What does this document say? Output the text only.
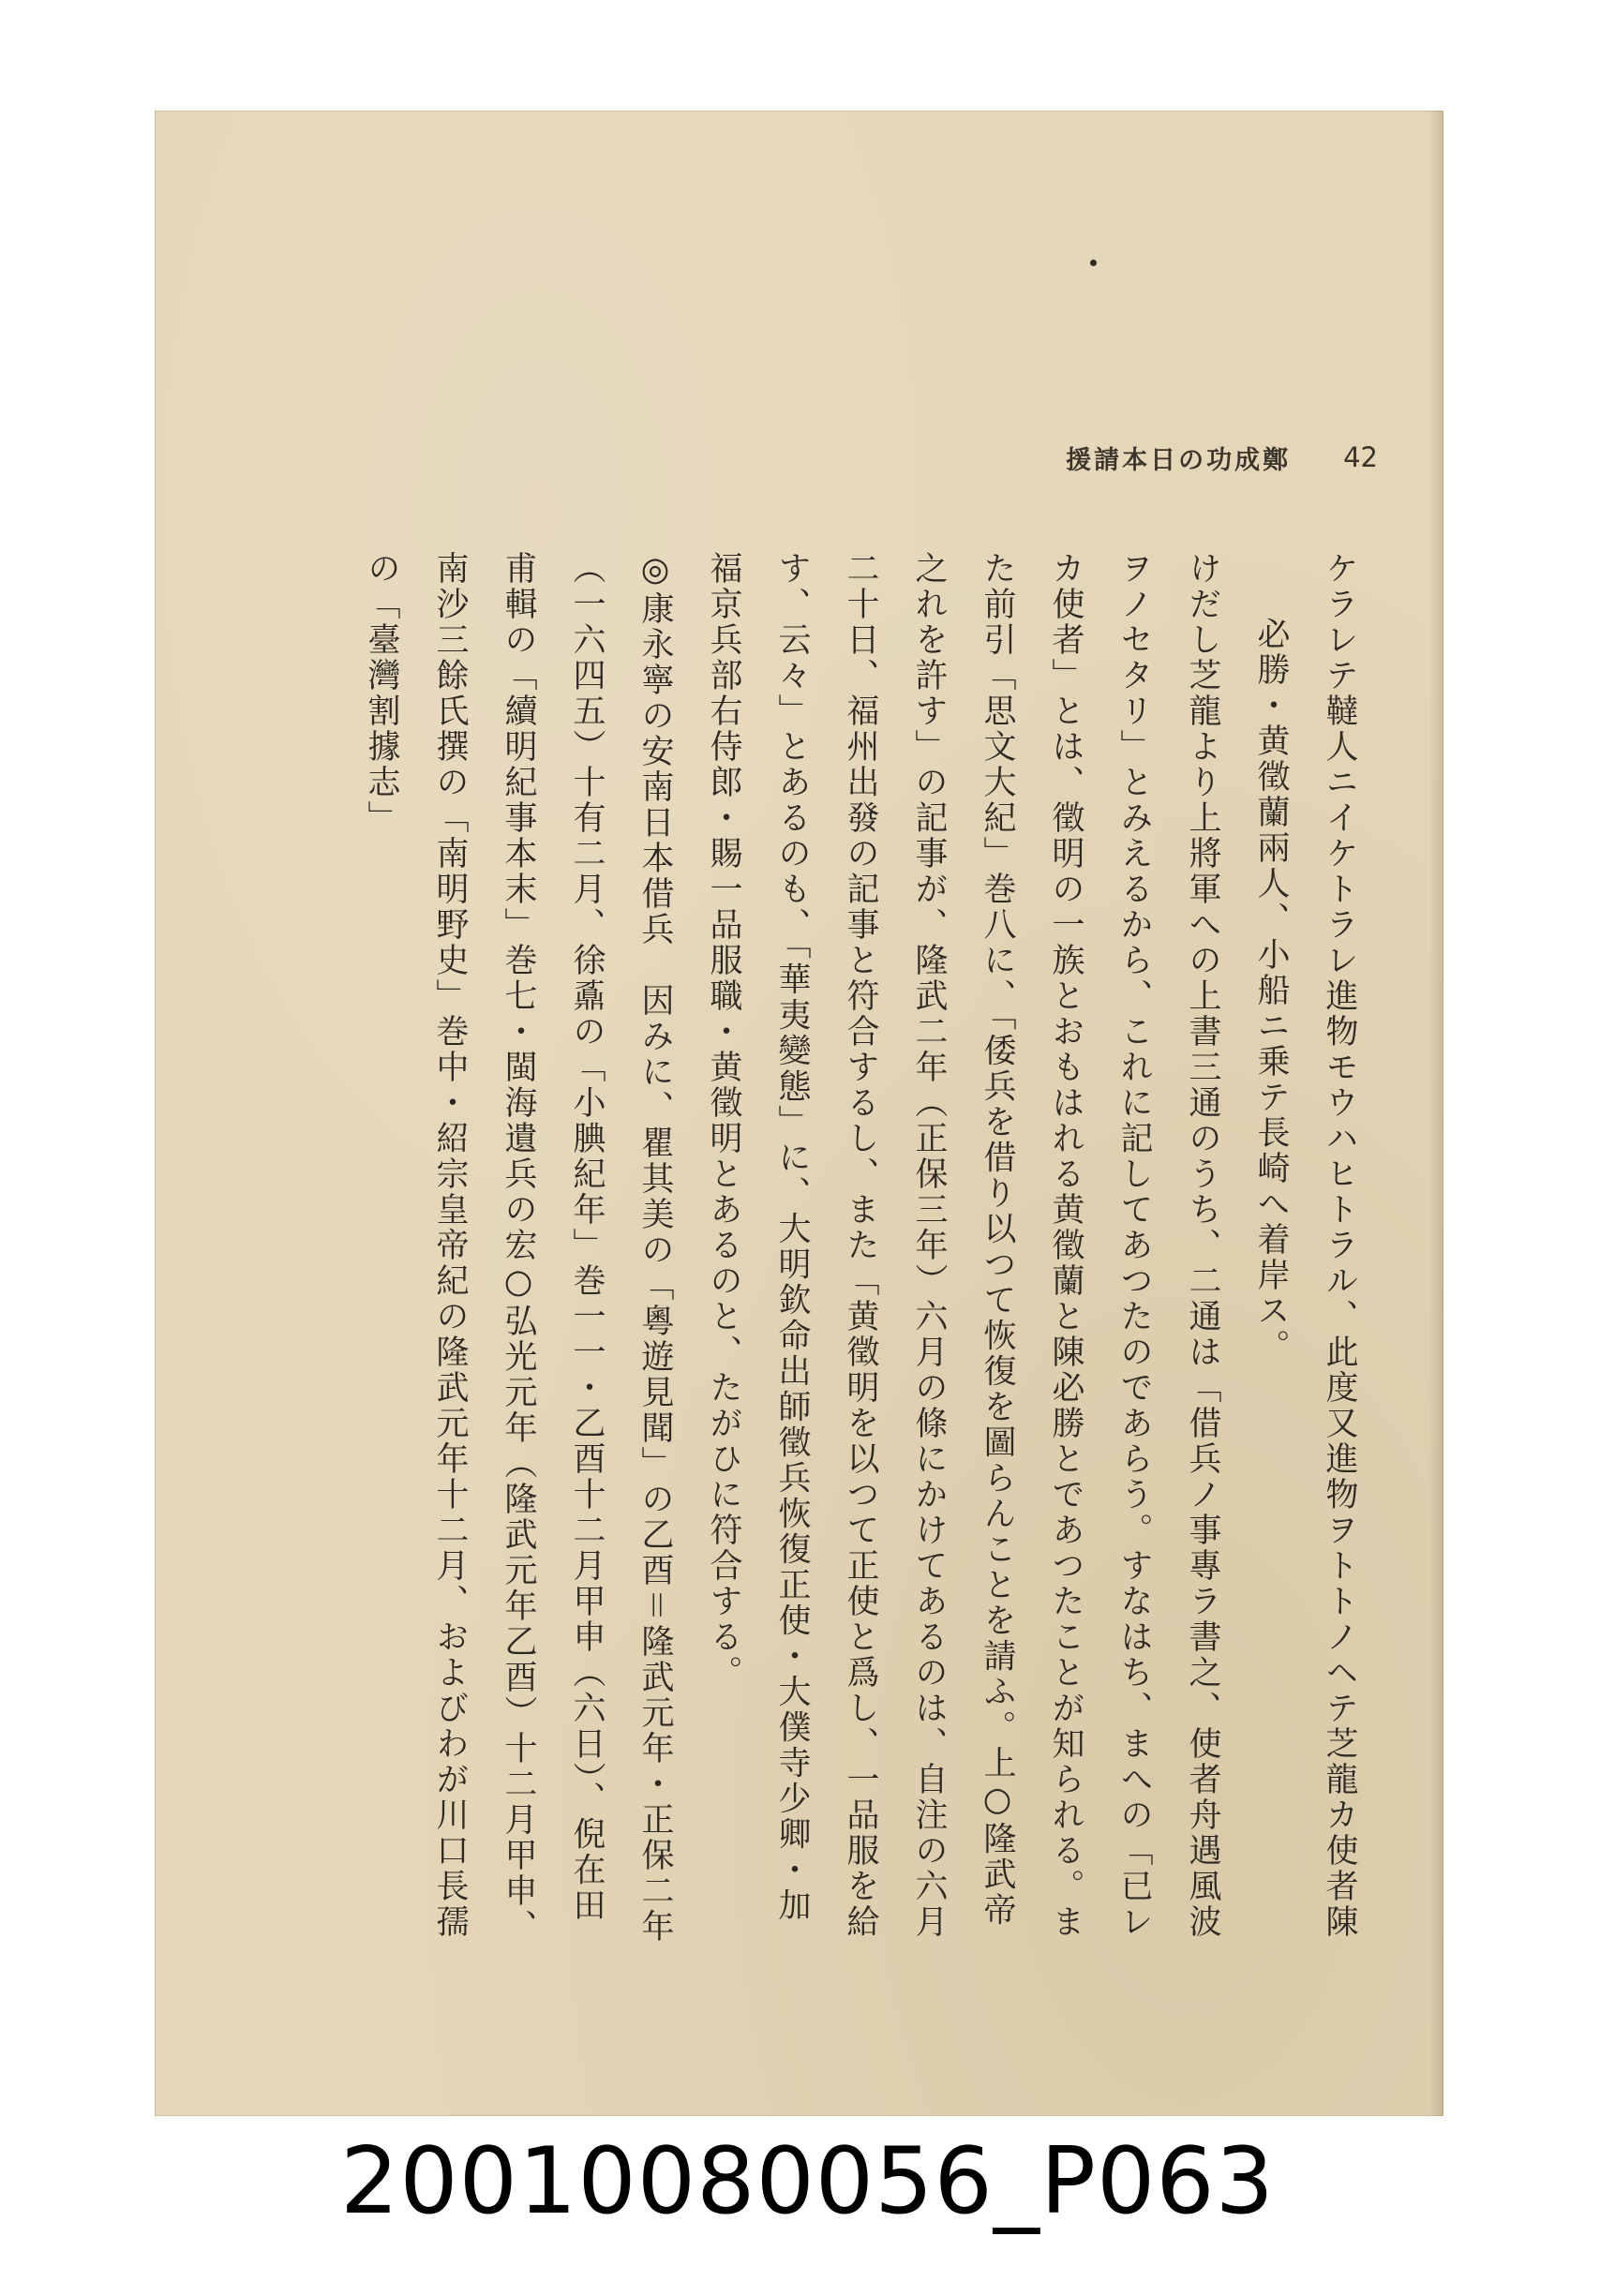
鄭成功の日本請援 42

ケラレテ韃人ニイケトラレ進物モウハヒトラル、此度又進物ヲトトノヘテ芝龍カ使者陳

必勝・黄徵蘭兩人、小船ニ乗テ長崎へ着岸ス。

けだし芝龍より上將軍への上書三通のうち、二通は「借兵ノ事專ラ書之、使者舟遇風波ヲノセタリ」とみえるから、これに記してあつたのであらう。すなはち、まへの「已レカ使者」とは、徵明の一族とおもはれる黄徵蘭と陳必勝とであつたことが知られる。また前引「思文大紀」巻八に、「倭兵を借り以つて恢復を圖らんことを請ふ。上○隆武帝之れを許す」の記事が、隆武二年（正保三年）六月の條にかけてあるのは、自注の六月二十日、福州出發の記事と符合するし、また「黄徵明を以つて正使と爲し、一品服を給す、云々」とあるのも、「華夷變態」に、大明欽命出師徵兵恢復正使・大僕寺少卿・加福京兵部右侍郎・賜一品服職・黄徵明とあるのと、たがひに符合する。

◎康永寧の安南日本借兵　因みに、瞿其美の「粵遊見聞」の乙酉＝隆武元年・正保二年（一六四五）十有二月、徐鼒の「小腆紀年」巻一一・乙酉十二月甲申（六日）、倪在田甫輯の「續明紀事本末」巻七・閩海遺兵の宏○弘光元年（隆武元年乙酉）十二月甲申、南沙三餘氏撰の「南明野史」巻中・紹宗皇帝紀の隆武元年十二月、およびわが川口長孺の「臺灣割據志」

20010080056_P063
